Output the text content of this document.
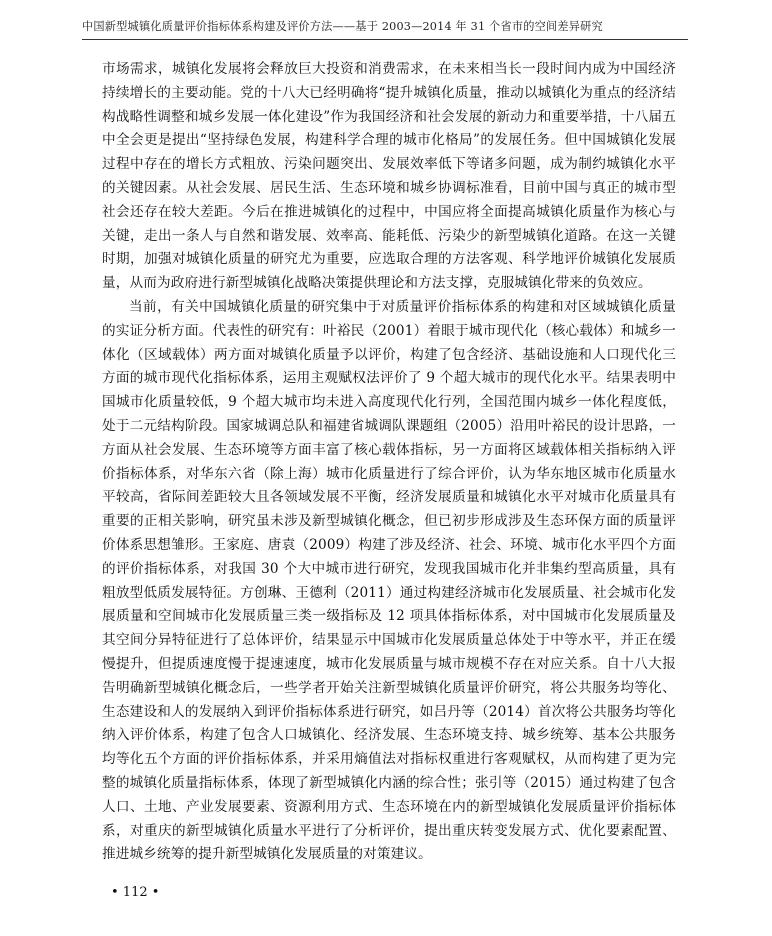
中国新型城镇化质量评价指标体系构建及评价方法——基于 2003—2014 年 31 个省市的空间差异研究

市场需求，城镇化发展将会释放巨大投资和消费需求，在未来相当长一段时间内成为中国经济持续增长的主要动能。党的十八大已经明确将“提升城镇化质量，推动以城镇化为重点的经济结构战略性调整和城乡发展一体化建设”作为我国经济和社会发展的新动力和重要举措，十八届五中全会更是提出“坚持绿色发展，构建科学合理的城市化格局”的发展任务。但中国城镇化发展过程中存在的增长方式粗放、污染问题突出、发展效率低下等诸多问题，成为制约城镇化水平的关键因素。从社会发展、居民生活、生态环境和城乡协调标准看，目前中国与真正的城市型社会还存在较大差距。今后在推进城镇化的过程中，中国应将全面提高城镇化质量作为核心与关键，走出一条人与自然和谐发展、效率高、能耗低、污染少的新型城镇化道路。在这一关键时期，加强对城镇化质量的研究尤为重要，应选取合理的方法客观、科学地评价城镇化发展质量，从而为政府进行新型城镇化战略决策提供理论和方法支撑，克服城镇化带来的负效应。

当前，有关中国城镇化质量的研究集中于对质量评价指标体系的构建和对区域城镇化质量的实证分析方面。代表性的研究有：叶裕民（2001）着眼于城市现代化（核心载体）和城乡一体化（区域载体）两方面对城镇化质量予以评价，构建了包含经济、基础设施和人口现代化三方面的城市现代化指标体系，运用主观赋权法评价了 9 个超大城市的现代化水平。结果表明中国城市化质量较低，9 个超大城市均未进入高度现代化行列，全国范围内城乡一体化程度低，处于二元结构阶段。国家城调总队和福建省城调队课题组（2005）沿用叶裕民的设计思路，一方面从社会发展、生态环境等方面丰富了核心载体指标，另一方面将区域载体相关指标纳入评价指标体系，对华东六省（除上海）城市化质量进行了综合评价，认为华东地区城市化质量水平较高，省际间差距较大且各领域发展不平衡，经济发展质量和城镇化水平对城市化质量具有重要的正相关影响，研究虽未涉及新型城镇化概念，但已初步形成涉及生态环保方面的质量评价体系思想雏形。王家庭、唐袁（2009）构建了涉及经济、社会、环境、城市化水平四个方面的评价指标体系，对我国 30 个大中城市进行研究，发现我国城市化并非集约型高质量，具有粗放型低质发展特征。方创琳、王德利（2011）通过构建经济城市化发展质量、社会城市化发展质量和空间城市化发展质量三类一级指标及 12 项具体指标体系，对中国城市化发展质量及其空间分异特征进行了总体评价，结果显示中国城市化发展质量总体处于中等水平，并正在缓慢提升，但提质速度慢于提速速度，城市化发展质量与城市规模不存在对应关系。自十八大报告明确新型城镇化概念后，一些学者开始关注新型城镇化质量评价研究，将公共服务均等化、生态建设和人的发展纳入到评价指标体系进行研究，如吕丹等（2014）首次将公共服务均等化纳入评价体系，构建了包含人口城镇化、经济发展、生态环境支持、城乡统筹、基本公共服务均等化五个方面的评价指标体系，并采用熵值法对指标权重进行客观赋权，从而构建了更为完整的城镇化质量指标体系，体现了新型城镇化内涵的综合性；张引等（2015）通过构建了包含人口、土地、产业发展要素、资源利用方式、生态环境在内的新型城镇化发展质量评价指标体系，对重庆的新型城镇化质量水平进行了分析评价，提出重庆转变发展方式、优化要素配置、推进城乡统筹的提升新型城镇化发展质量的对策建议。

• 112 •
